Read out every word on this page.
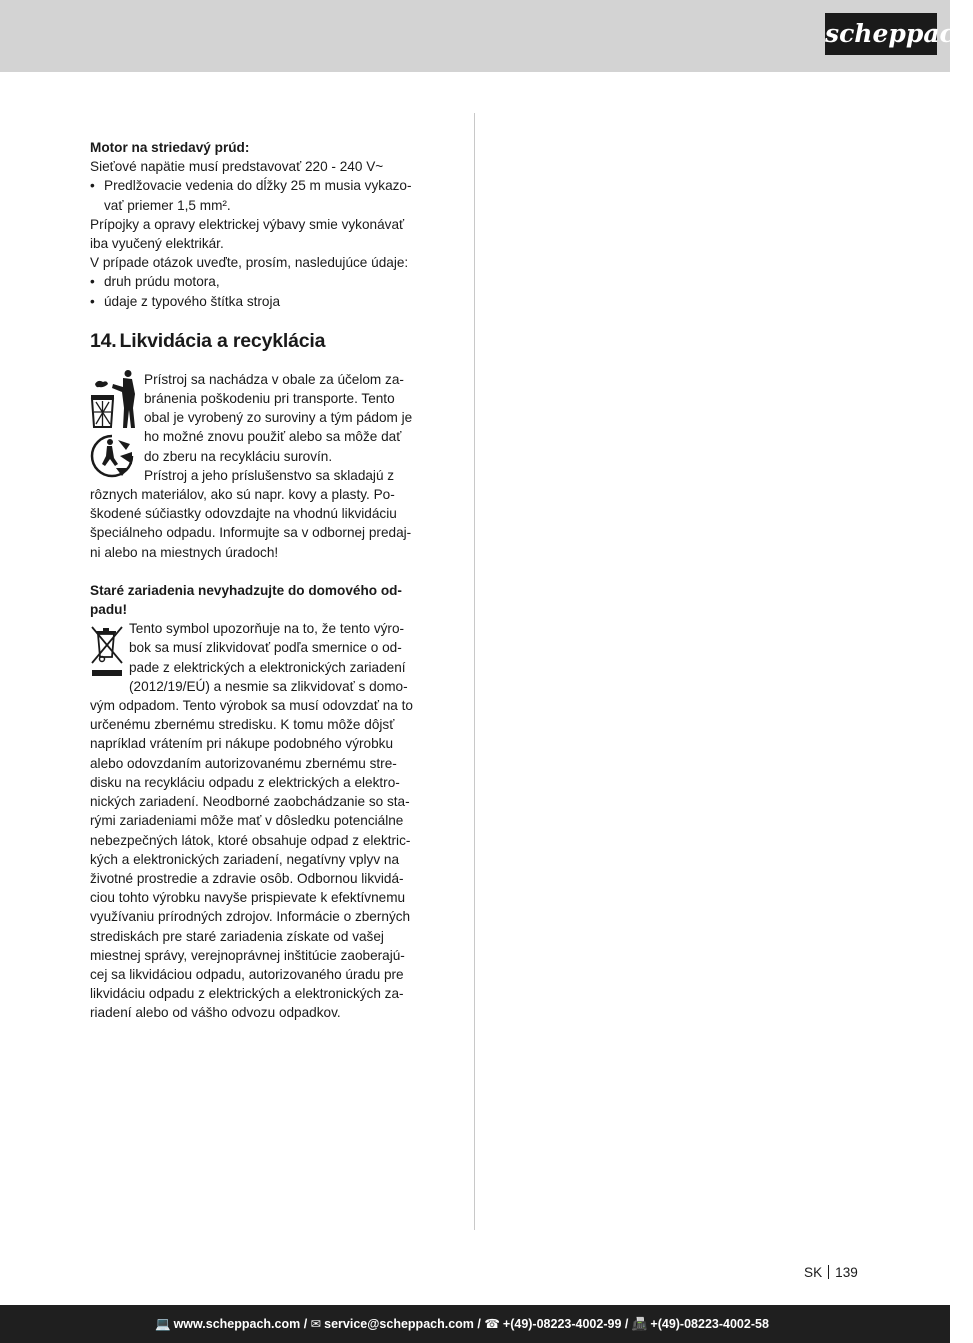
scheppach

Motor na striedavý prúd:

Sieťové napätie musí predstavovať 220 - 240 V~

• Predlžovacie vedenia do dĺžky 25 m musia vykazo-

vať priemer 1,5 mm².

Prípojky a opravy elektrickej výbavy smie vykonávať

iba vyučený elektrikár.

V prípade otázok uveďte, prosím, nasledujúce údaje:

• druh prúdu motora,

• údaje z typového štítka stroja

14. Likvidácia a recyklácia

Prístroj sa nachádza v obale za účelom za-

bránenia poškodeniu pri transporte. Tento

obal je vyrobený zo suroviny a tým pádom je

ho možné znovu použiť alebo sa môže dať

do zberu na recykláciu surovín.

Prístroj a jeho príslušenstvo sa skladajú z

rôznych materiálov, ako sú napr. kovy a plasty. Po-

škodené súčiastky odovzdajte na vhodnú likvidáciu

špeciálneho odpadu. Informujte sa v odbornej predaj-

ni alebo na miestnych úradoch!

Staré zariadenia nevyhadzujte do domového od-

padu!

Tento symbol upozorňuje na to, že tento výro-

bok sa musí zlikvidovať podľa smernice o od-

pade z elektrických a elektronických zariadení

(2012/19/EÚ) a nesmie sa zlikvidovať s domo-

vým odpadom. Tento výrobok sa musí odovzdať na to

určenému zbernému stredisku. K tomu môže dôjsť

napríklad vrátením pri nákupe podobného výrobku

alebo odovzdaním autorizovanému zbernému stre-

disku na recykláciu odpadu z elektrických a elektro-

nických zariadení. Neodborné zaobchádzanie so sta-

rými zariadeniami môže mať v dôsledku potenciálne

nebezpečných látok, ktoré obsahuje odpad z elektric-

kých a elektronických zariadení, negatívny vplyv na

životné prostredie a zdravie osôb. Odbornou likvidá-

ciou tohto výrobku navyše prispievate k efektívnemu

využívaniu prírodných zdrojov. Informácie o zberných

strediskách pre staré zariadenia získate od vašej

miestnej správy, verejnoprávnej inštitúcie zaoberajú-

cej sa likvidáciou odpadu, autorizovaného úradu pre

likvidáciu odpadu z elektrických a elektronických za-

riadení alebo od vášho odvozu odpadkov.

SK 139
💻 www.scheppach.com / ✉ service@scheppach.com / ☎ +(49)-08223-4002-99 / 📠 +(49)-08223-4002-58
